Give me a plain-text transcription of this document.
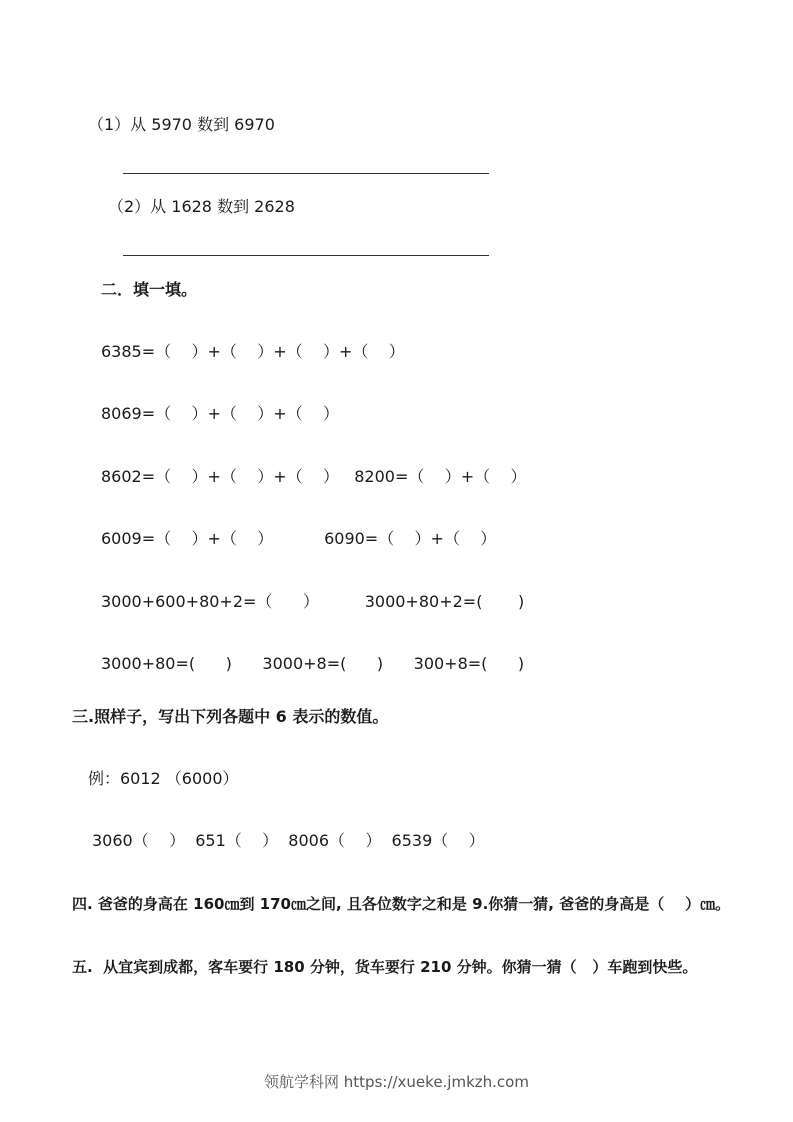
（1）从 5970 数到 6970
（2）从 1628 数到 2628
二．填一填。
6385=（    ）+（    ）+（    ）+（    ）
8069=（    ）+（    ）+（    ）
8602=（    ）+（    ）+（    ）   8200=（    ）+（    ）
6009=（    ）+（    ）          6090=（    ）+（    ）
3000+600+80+2=（      ）         3000+80+2=(       )
3000+80=(      )      3000+8=(      )      300+8=(      )
三.照样子，写出下列各题中 6 表示的数值。
例：6012 （6000）
3060（    ）  651（    ）  8006（    ）  6539（    ）
四. 爸爸的身高在 160㎝到 170㎝之间, 且各位数字之和是 9.你猜一猜, 爸爸的身高是（    ）㎝。
五.  从宜宾到成都，客车要行 180 分钟，货车要行 210 分钟。你猜一猜（   ）车跑到快些。
领航学科网 https://xueke.jmkzh.com
